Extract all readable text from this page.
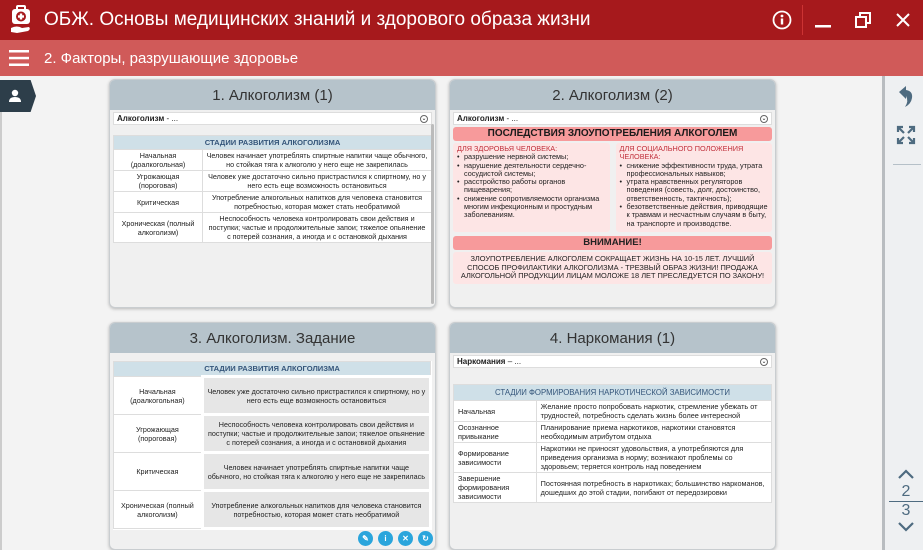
ОБЖ. Основы медицинских знаний и здорового образа жизни
2. Факторы, разрушающие здоровье
1. Алкоголизм (1)
Алкоголизм - ...	⌄
СТАДИИ РАЗВИТИЯ АЛКОГОЛИЗМА	
Начальная (доалкогольная)	Человек начинает употреблять спиртные напитки чаще обычного, но стойкая тяга к алкоголю у него еще не закрепилась
Угрожающая (пороговая)	Человек уже достаточно сильно пристрастился к спиртному, но у него есть еще возможность остановиться
Критическая	Употребление алкогольных напитков для человека становится потребностью, которая может стать необратимой
Хроническая (полный алкоголизм)	Неспособность человека контролировать свои действия и поступки; частые и продолжительные запои; тяжелое опьянение с потерей сознания, а иногда и с остановкой дыхания
2. Алкоголизм (2)
Алкоголизм - ...	⌄
ПОСЛЕДСТВИЯ ЗЛОУПОТРЕБЛЕНИЯ АЛКОГОЛЕМ
ДЛЯ ЗДОРОВЬЯ ЧЕЛОВЕКА:
• разрушение нервной системы;
• нарушение деятельности сердечно-сосудистой системы;
• расстройство работы органов пищеварения;
• снижение сопротивляемости организма многим инфекционным и простудным заболеваниям.
ДЛЯ СОЦИАЛЬНОГО ПОЛОЖЕНИЯ ЧЕЛОВЕКА:
• снижение эффективности труда, утрата профессиональных навыков;
• утрата нравственных регуляторов поведения (совесть, долг, достоинство, ответственность, тактичность);
• безответственные действия, приводящие к травмам и несчастным случаям в быту, на транспорте и производстве.
ВНИМАНИЕ!
ЗЛОУПОТРЕБЛЕНИЕ АЛКОГОЛЕМ СОКРАЩАЕТ ЖИЗНЬ НА 10-15 ЛЕТ. ЛУЧШИЙ СПОСОБ ПРОФИЛАКТИКИ АЛКОГОЛИЗМА - ТРЕЗВЫЙ ОБРАЗ ЖИЗНИ! ПРОДАЖА АЛКОГОЛЬНОЙ ПРОДУКЦИИ ЛИЦАМ МОЛОЖЕ 18 ЛЕТ ПРЕСЛЕДУЕТСЯ ПО ЗАКОНУ!
3. Алкоголизм. Задание
СТАДИИ РАЗВИТИЯ АЛКОГОЛИЗМА	
Начальная (доалкогольная)	Человек уже достаточно сильно пристрастился к спиртному, но у него есть еще возможность остановиться
Угрожающая (пороговая)	Неспособность человека контролировать свои действия и поступки; частые и продолжительные запои; тяжелое опьянение с потерей сознания, а иногда и с остановкой дыхания
Критическая	Человек начинает употреблять спиртные напитки чаще обычного, но стойкая тяга к алкоголю у него еще не закрепилась
Хроническая (полный алкоголизм)	Употребление алкогольных напитков для человека становится потребностью, которая может стать необратимой
✎ i ✕ ↻
4. Наркомания (1)
Наркомания – ...	⌄
СТАДИИ ФОРМИРОВАНИЯ НАРКОТИЧЕСКОЙ ЗАВИСИМОСТИ	
Начальная	Желание просто попробовать наркотик, стремление убежать от трудностей, потребность сделать жизнь более интересной
Осознанное привыкание	Планирование приема наркотиков, наркотики становятся необходимым атрибутом отдыха
Формирование зависимости	Наркотики не приносят удовольствия, а употребляются для приведения организма в норму; возникают проблемы со здоровьем; теряется контроль над поведением
Завершение формирования зависимости	Постоянная потребность в наркотиках; большинство наркоманов, дошедших до этой стадии, погибают от передозировки	2
3
